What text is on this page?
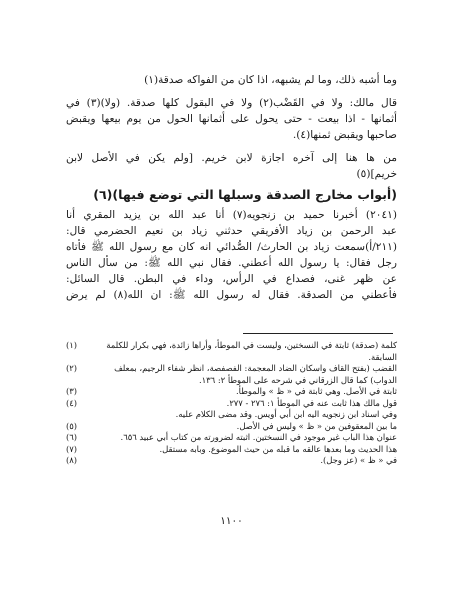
وما أشبه ذلك، وما لم يشبهه، اذا كان من الفواكه صدقة(١)
قال مالك: ولا في القَضْب(٢) ولا في البقول كلها صدقة. (ولا)(٣) في
أثمانها - اذا بيعت - حتى يحول على أثمانها الحول من يوم بيعها ويقبض
صاحبها ويقبض ثمنها(٤).
من ها هنا إلى آخره اجازة لابن خريم. [ولم يكن في الأصل لابن
خريم](٥)
(أبواب مخارج الصدقة وسبلها التي توضع فيها)(٦)
(٢٠٤١) أخبرنا حميد بن زنجويه(٧) أنا عبد الله بن يزيد المقري أنا
عبد الرحمن بن زياد الأفريقي حدثني زياد بن نعيم الحضرمي قال:
(٢١١/أ)سمعت زياد بن الحارث/ الصُّدائي انه كان مع رسول الله ﷺ فأتاه
رجل فقال: يا رسول الله أعطني. فقال نبي الله ﷺ: من سأل الناس
عن ظهر غنى، فصداع في الرأس، وداء في البطن. قال السائل:
فأعطني من الصدقة. فقال له رسول الله ﷺ: ان الله(٨) لم يرض
كلمة (صدقة) ثابتة في النسختين، وليست في الموطأ، وأراها زائدة، فهي بكرار للكلمة السابقة.
(١)
القضب (بفتح القاف واسكان الضاد المعجمة: الفصفصة، انظر شفاء الرجيم، بمعلف الدواب) كما قال الزرقاني في شرحه على الموطأ ٢: ١٣٦.
(٢)
ثابتة في الأصل. وهي ثابتة في « ظ » والموطأ.
(٣)
قول مالك هذا ثابت عنه في الموطأ ١: ٢٧٦ - ٢٧٧.
(٤)
وفي اسناد ابن زنجويه اليه ابن أبي أويس. وقد مضى الكلام عليه.
ما بين المعقوفين من « ظ » وليس في الأصل.
(٥)
عنوان هذا الباب غير موجود في النسختين. اثبته لضرورته من كتاب أبي عبيد ٦٥٦.
(٦)
هذا الحديث وما بعدها عالقه ما قبله من حيث الموضوع. وبابه مستقل.
(٧)
في « ظ » (عز وجل).
(٨)
١١٠٠
